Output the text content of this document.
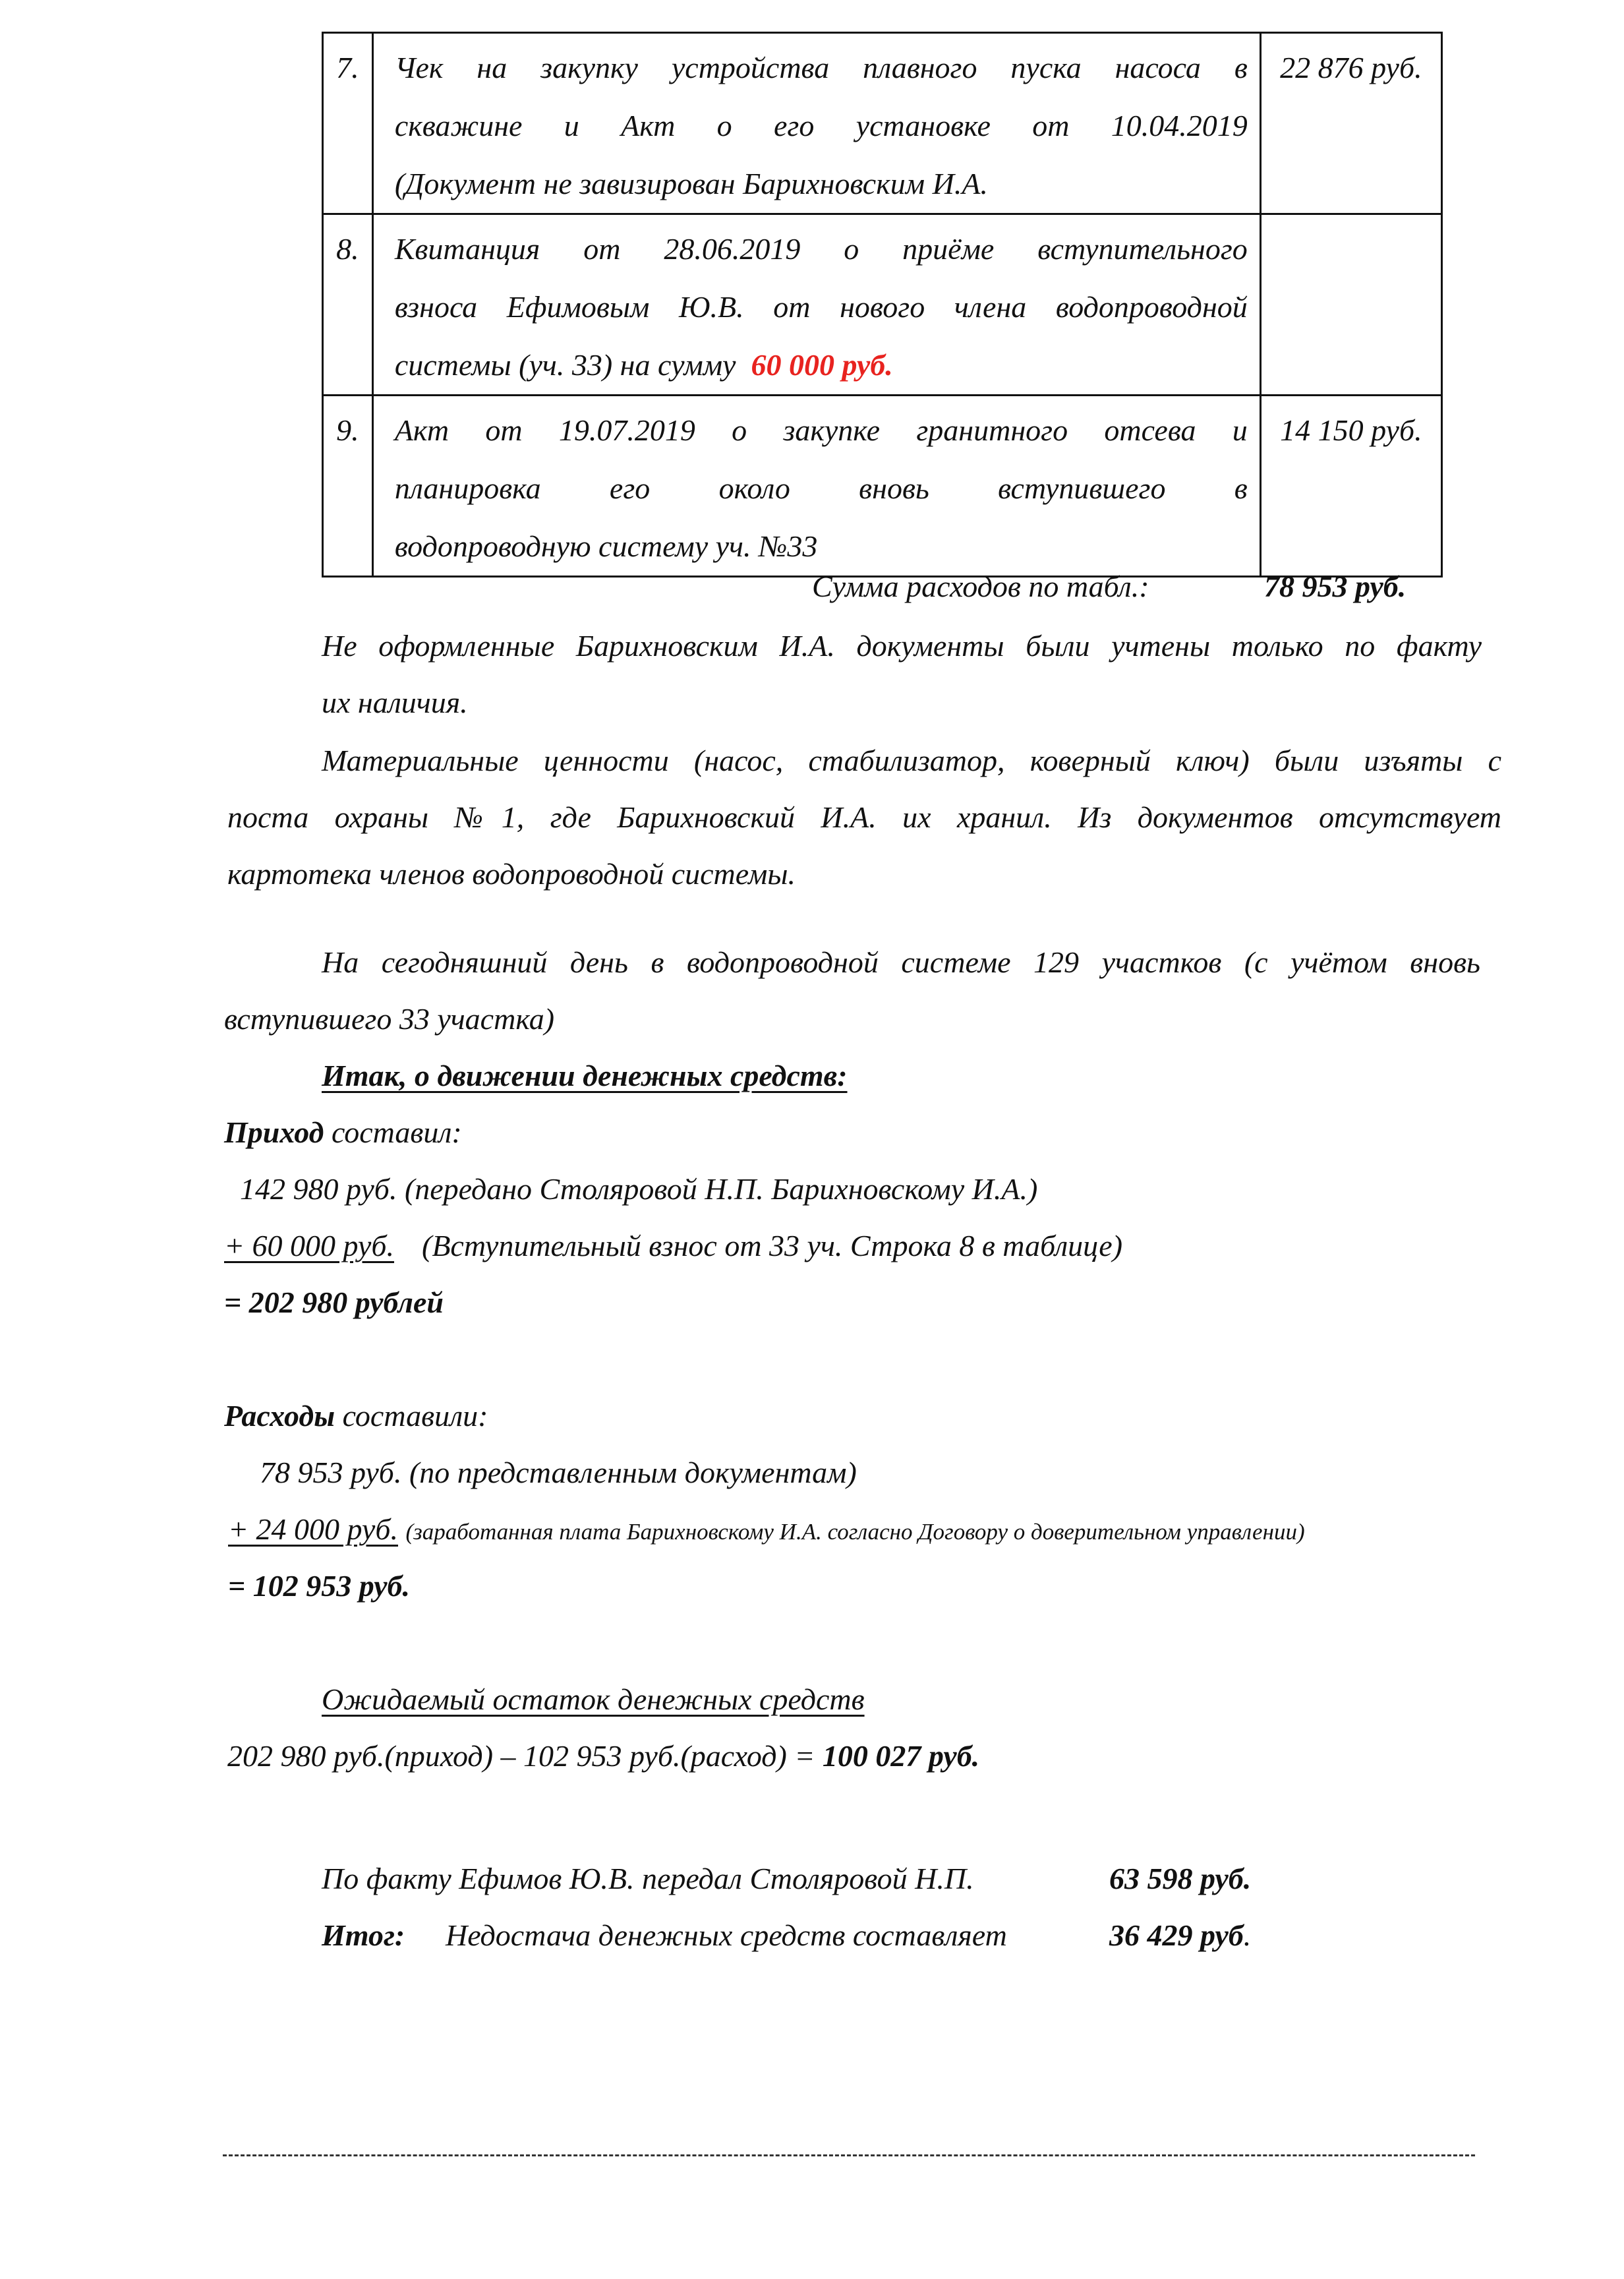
7.	Чек на закупку устройства плавного пуска насоса в
скважине и Акт о его установке от 10.04.2019
(Документ не завизирован Барихновским И.А.	22 876 руб.
8.	Квитанция от 28.06.2019 о приёме вступительного
взноса Ефимовым Ю.В. от нового члена водопроводной
системы (уч. 33) на сумму 60 000 руб.	

9.	Акт от 19.07.2019 о закупке гранитного отсева и
планировка его около вновь вступившего в
водопроводную систему уч. №33	14 150 руб.
Сумма расходов по табл.:	78 953 руб.
Не оформленные Барихновским И.А. документы были учтены только по факту
их наличия.
Материальные ценности (насос, стабилизатор, коверный ключ) были изъяты с
поста охраны №1, где Барихновский И.А. их хранил. Из документов отсутствует
картотека членов водопроводной системы.
На сегодняшний день в водопроводной системе 129 участков (с учётом вновь
вступившего 33 участка)
Итак, о движении денежных средств:
Приход составил:
142 980 руб. (передано Столяровой Н.П. Барихновскому И.А.)
+ 60 000 руб. (Вступительный взнос от 33 уч. Строка 8 в таблице)
= 202 980 рублей
Расходы составили:
78 953 руб. (по представленным документам)
+ 24 000 руб. (заработанная плата Барихновскому И.А. согласно Договору о доверительном управлении)
= 102 953 руб.
Ожидаемый остаток денежных средств
202 980 руб.(приход) – 102 953 руб.(расход) = 100 027 руб.
По факту Ефимов Ю.В. передал Столяровой Н.П.	63 598 руб.
Итог: Недостача денежных средств составляет	36 429 руб.
